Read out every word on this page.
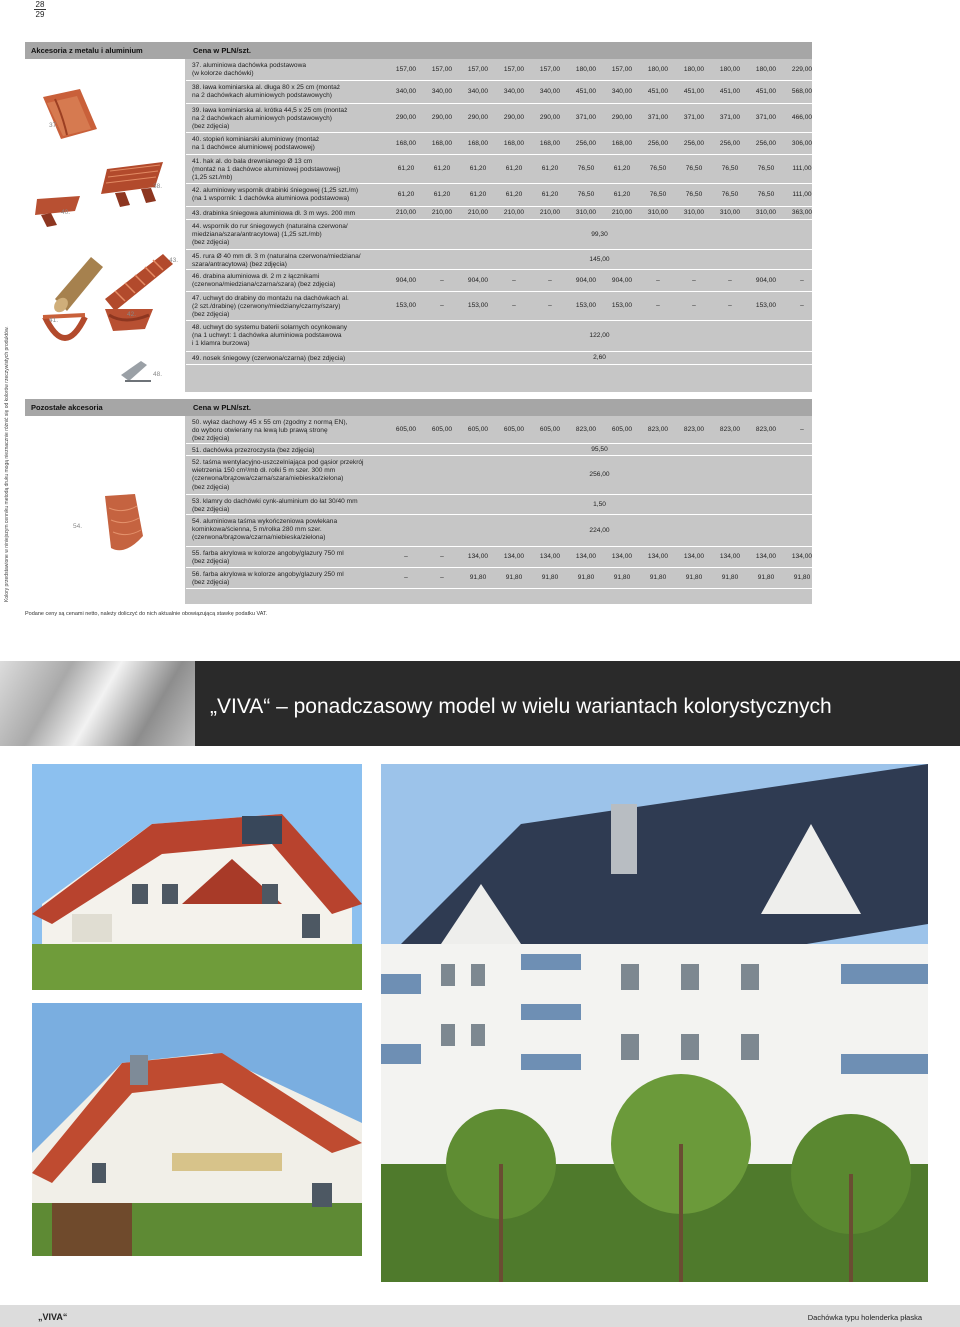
28
29
Kolory przedstawione w niniejszym cenniku metodą druku mogą nieznacznie różnić się od kolorów rzeczywistych produktów.
Akcesoria z metalu i aluminium	Cena w PLN/szt.
37.
38.
40.
43.
41.
42.
48.
37. aluminiowa dachówka podstawowa
(w kolorze dachówki)
157,00	157,00	157,00	157,00	157,00	180,00	157,00	180,00	180,00	180,00	180,00	229,00
38. ława kominiarska al. długa 80 x 25 cm (montaż
na 2 dachówkach aluminiowych podstawowych)
340,00	340,00	340,00	340,00	340,00	451,00	340,00	451,00	451,00	451,00	451,00	568,00
39. ława kominiarska al. krótka 44,5 x 25 cm (montaż
na 2 dachówkach aluminiowych podstawowych)
(bez zdjęcia)
290,00	290,00	290,00	290,00	290,00	371,00	290,00	371,00	371,00	371,00	371,00	466,00
40. stopień kominiarski aluminiowy (montaż
na 1 dachówce aluminiowej podstawowej)
168,00	168,00	168,00	168,00	168,00	256,00	168,00	256,00	256,00	256,00	256,00	306,00
41. hak al. do bala drewnianego Ø 13 cm
(montaż na 1 dachówce aluminiowej podstawowej)
(1,25 szt./mb)
61,20	61,20	61,20	61,20	61,20	76,50	61,20	76,50	76,50	76,50	76,50	111,00
42. aluminiowy wspornik drabinki śniegowej (1,25 szt./m)
(na 1 wspornik: 1 dachówka aluminiowa podstawowa)
61,20	61,20	61,20	61,20	61,20	76,50	61,20	76,50	76,50	76,50	76,50	111,00
43. drabinka śniegowa aluminiowa dł. 3 m wys. 200 mm	210,00	210,00	210,00	210,00	210,00	310,00	210,00	310,00	310,00	310,00	310,00	363,00
44. wspornik do rur śniegowych (naturalna czerwona/
miedziana/szara/antracytowa) (1,25 szt./mb)
(bez zdjęcia)
99,30
45. rura Ø 40 mm dł. 3 m (naturalna czerwona/miedziana/
szara/antracytowa) (bez zdjęcia)
145,00
46. drabina aluminiowa dł. 2 m z łącznikami
(czerwona/miedziana/czarna/szara) (bez zdjęcia)
904,00	–	904,00	–	–	904,00	904,00	–	–	–	904,00	–
47. uchwyt do drabiny do montażu na dachówkach al.
(2 szt./drabinę) (czerwony/miedziany/czarny/szary)
(bez zdjęcia)
153,00	–	153,00	–	–	153,00	153,00	–	–	–	153,00	–
48. uchwyt do systemu baterii solarnych ocynkowany
(na 1 uchwyt: 1 dachówka aluminiowa podstawowa
i 1 klamra burzowa)
122,00
49. nosek śniegowy (czerwona/czarna) (bez zdjęcia)	2,60
Pozostałe akcesoria	Cena w PLN/szt.
54.
50. wyłaz dachowy 45 x 55 cm (zgodny z normą EN),
do wyboru otwierany na lewą lub prawą stronę
(bez zdjęcia)
605,00	605,00	605,00	605,00	605,00	823,00	605,00	823,00	823,00	823,00	823,00	–
51. dachówka przezroczysta (bez zdjęcia)	95,50
52. taśma wentylacyjno-uszczelniająca pod gąsior przekrój
wietrzenia 150 cm²/mb dł. rolki 5 m szer. 300 mm
(czerwona/brązowa/czarna/szara/niebieska/zielona)
(bez zdjęcia)
256,00
53. klamry do dachówki cynk-aluminium do łat 30/40 mm
(bez zdjęcia)
1,50
54. aluminiowa taśma wykończeniowa powlekana
kominkowa/ścienna, 5 m/rolka 280 mm szer.
(czerwona/brązowa/czarna/niebieska/zielona)
224,00
55. farba akrylowa w kolorze angoby/glazury 750 ml
(bez zdjęcia)
–	–	134,00	134,00	134,00	134,00	134,00	134,00	134,00	134,00	134,00	134,00
56. farba akrylowa w kolorze angoby/glazury 250 ml
(bez zdjęcia)
–	–	91,80	91,80	91,80	91,80	91,80	91,80	91,80	91,80	91,80	91,80
Podane ceny są cenami netto, należy doliczyć do nich aktualnie obowiązującą stawkę podatku VAT.
„VIVA“ – ponadczasowy model w wielu wariantach kolorystycznych
„VIVA“	Dachówka typu holenderka płaska
